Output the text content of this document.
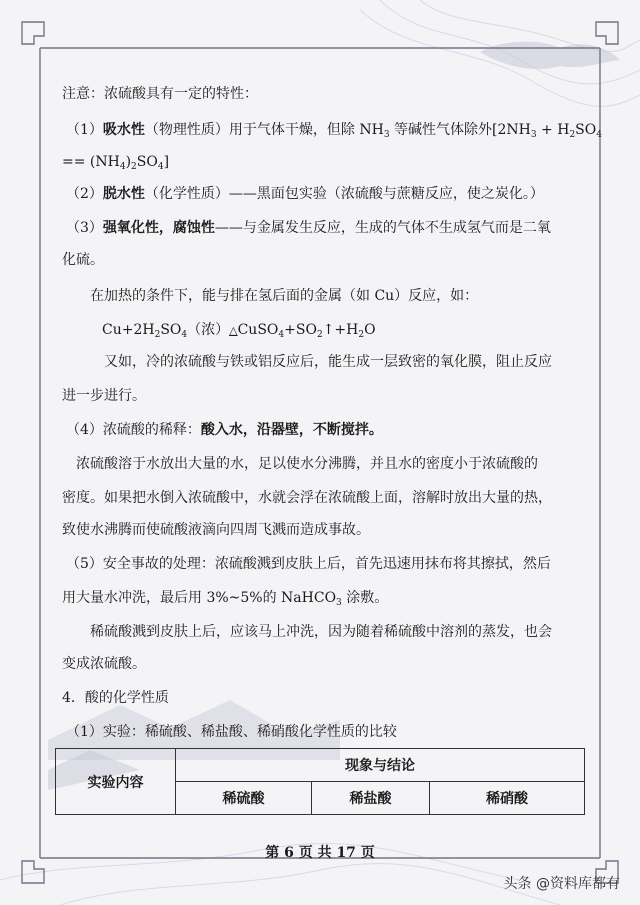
注意：浓硫酸具有一定的特性：
（1）吸水性（物理性质）用于气体干燥，但除 $NH_3$ 等碱性气体除外[$2NH_3 + H_2SO_4$
== $(NH_4)_2SO_4$]
（2）脱水性（化学性质）——黑面包实验（浓硫酸与蔗糖反应，使之炭化。）
（3）强氧化性，腐蚀性——与金属发生反应，生成的气体不生成氢气而是二氧
化硫。
在加热的条件下，能与排在氢后面的金属（如 Cu）反应，如：
$Cu+2H_2SO_4$（浓）$\triangle CuSO_4+SO_2↑+H_2O$
又如，冷的浓硫酸与铁或铝反应后，能生成一层致密的氧化膜，阻止反应
进一步进行。
（4）浓硫酸的稀释：酸入水，沿器壁，不断搅拌。
浓硫酸溶于水放出大量的水，足以使水分沸腾，并且水的密度小于浓硫酸的
密度。如果把水倒入浓硫酸中，水就会浮在浓硫酸上面，溶解时放出大量的热，
致使水沸腾而使硫酸液滴向四周飞溅而造成事故。
（5）安全事故的处理：浓硫酸溅到皮肤上后，首先迅速用抹布将其擦拭，然后
用大量水冲洗，最后用 3%~5%的 NaHCO$_3$ 涂敷。
稀硫酸溅到皮肤上后，应该马上冲洗，因为随着稀硫酸中溶剂的蒸发，也会
变成浓硫酸。
4．酸的化学性质
（1）实验：稀硫酸、稀盐酸、稀硝酸化学性质的比较
实验内容
现象与结论
稀硫酸	稀盐酸	稀硝酸
第 6 页 共 17 页
头条 @资料库都有
